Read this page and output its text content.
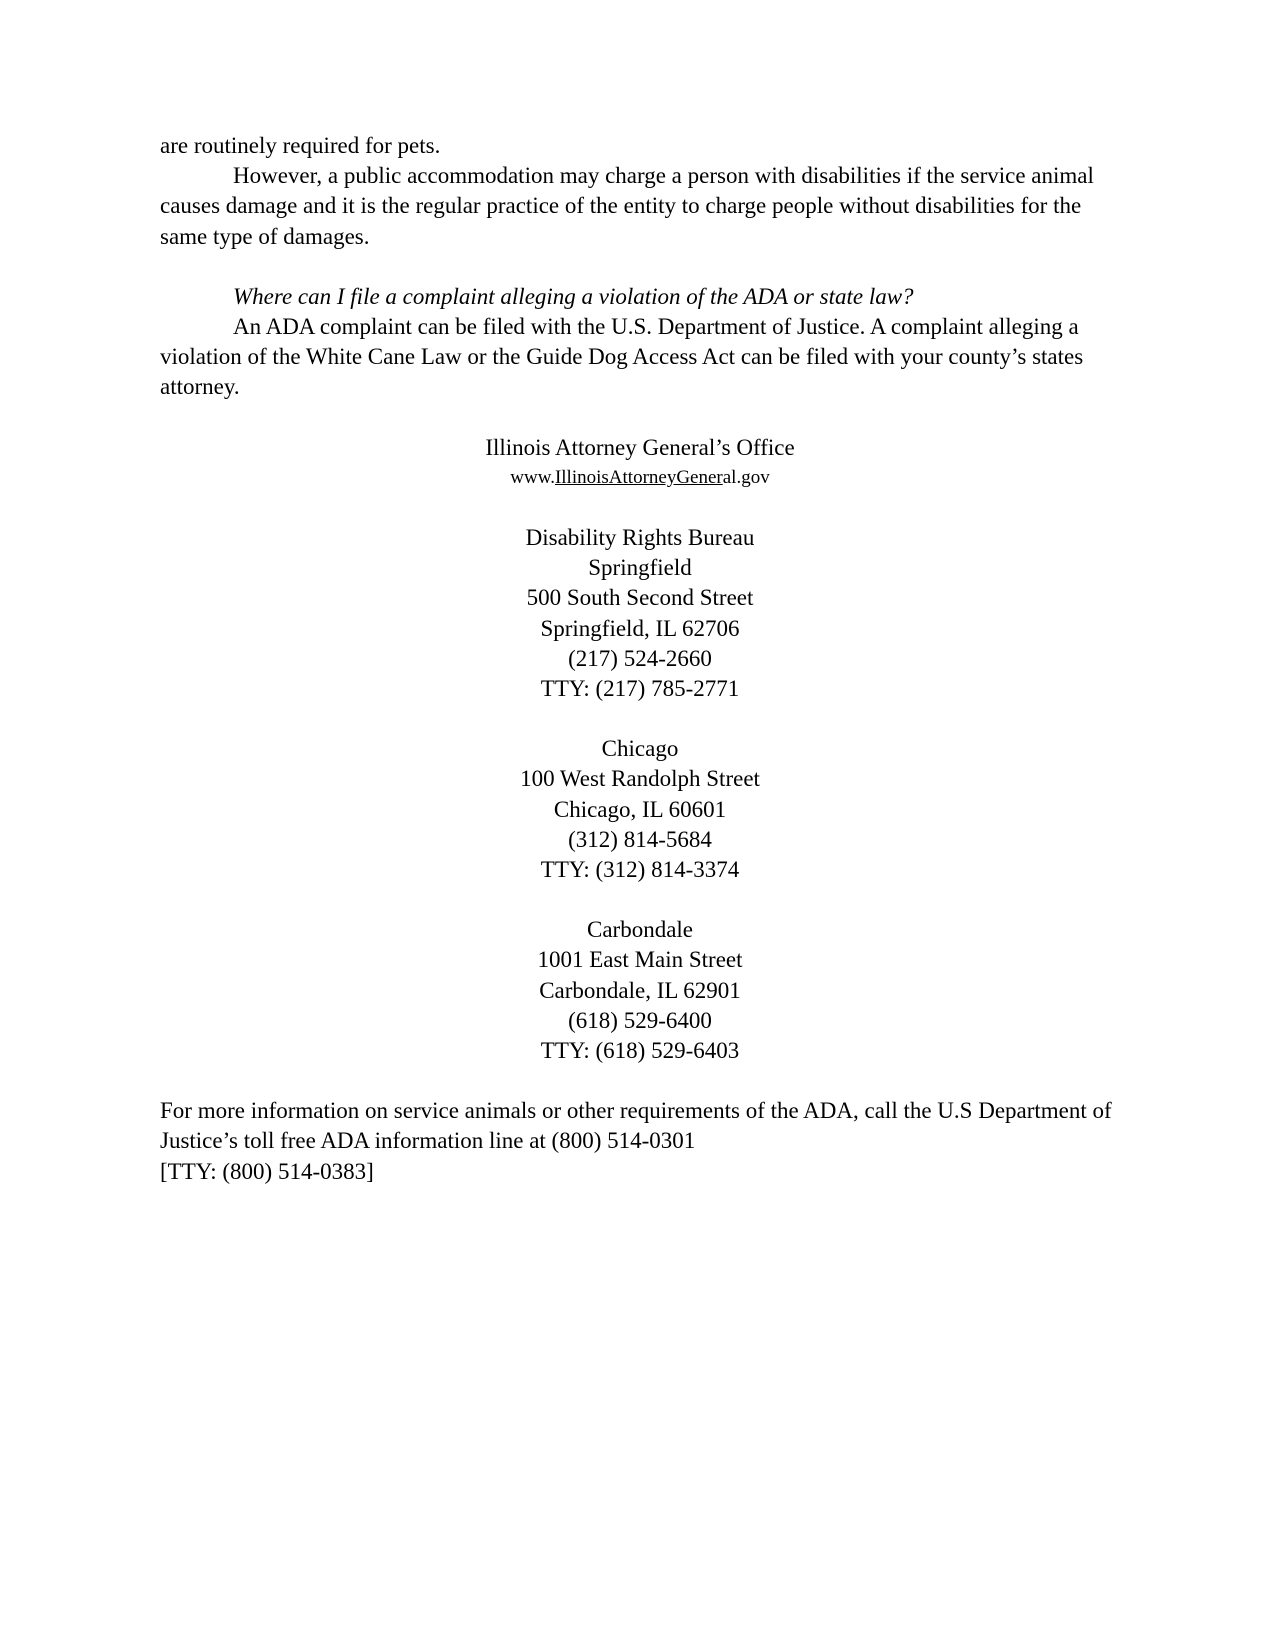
are routinely required for pets.

However, a public accommodation may charge a person with disabilities if the service animal causes damage and it is the regular practice of the entity to charge people without disabilities for the same type of damages.

Where can I file a complaint alleging a violation of the ADA or state law?

An ADA complaint can be filed with the U.S. Department of Justice. A complaint alleging a violation of the White Cane Law or the Guide Dog Access Act can be filed with your county’s states attorney.

Illinois Attorney General’s Office
www.IllinoisAttorneyGeneral.gov
Disability Rights Bureau
Springfield
500 South Second Street
Springfield, IL 62706
(217) 524-2660
TTY: (217) 785-2771
Chicago
100 West Randolph Street
Chicago, IL 60601
(312) 814-5684
TTY: (312) 814-3374
Carbondale
1001 East Main Street
Carbondale, IL 62901
(618) 529-6400
TTY: (618) 529-6403
For more information on service animals or other requirements of the ADA, call the U.S Department of
Justice’s toll free ADA information line at (800) 514-0301
[TTY: (800) 514-0383]
